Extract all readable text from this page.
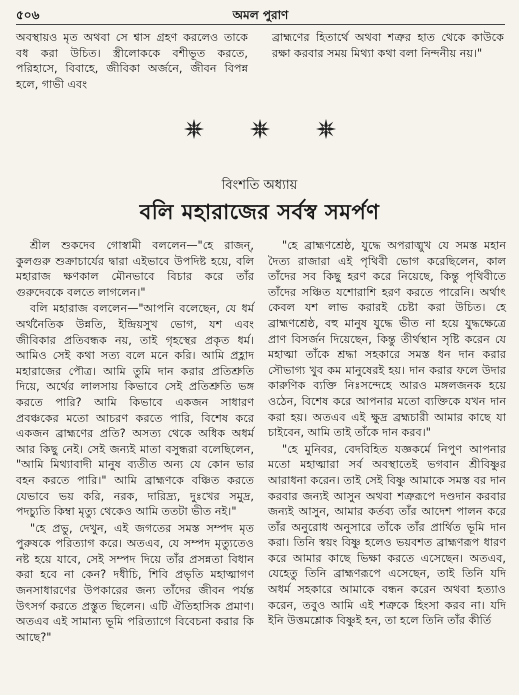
৫০৬	অমল পুরাণ

অবস্থায়ও মৃত অথবা সে শ্বাস গ্রহণ করলেও তাকে বধ করা উচিত। স্ত্রীলোককে বশীভূত করতে, পরিহাসে, বিবাহে, জীবিকা অর্জনে, জীবন বিপন্ন হলে, গাভী এবং

ব্রাহ্মণের হিতার্থে অথবা শত্রুর হাত থেকে কাউকে রক্ষা করবার সময় মিথ্যা কথা বলা নিন্দনীয় নয়।"

বিংশতি অধ্যায়
বলি মহারাজের সর্বস্ব সমর্পণ

শ্রীল শুকদেব গোস্বামী বললেন—"হে রাজন্, কুলগুরু শুক্রাচার্যের দ্বারা এইভাবে উপদিষ্ট হয়ে, বলি মহারাজ ক্ষণকাল মৌনভাবে বিচার করে তাঁর গুরুদেবকে বলতে লাগলেন।"

বলি মহারাজ বললেন—"আপনি বলেছেন, যে ধর্ম অর্থনৈতিক উন্নতি, ইন্দ্রিয়সুখ ভোগ, যশ এবং জীবিকার প্রতিবন্ধক নয়, তাই গৃহস্থের প্রকৃত ধর্ম। আমিও সেই কথা সত্য বলে মনে করি। আমি প্রহ্লাদ মহারাজের পৌত্র। আমি তুমি দান করার প্রতিশ্রুতি দিয়ে, অর্থের লালসায় কিভাবে সেই প্রতিশ্রুতি ভঙ্গ করতে পারি? আমি কিভাবে একজন সাধারণ প্রবঞ্চকের মতো আচরণ করতে পারি, বিশেষ করে একজন ব্রাহ্মণের প্রতি? অসত্য থেকে অধিক অধর্ম আর কিছু নেই। সেই জন্যই মাতা বসুন্ধরা বলেছিলেন, "আমি মিথ্যাবাদী মানুষ ব্যতীত অন্য যে কোন ভার বহন করতে পারি।" আমি ব্রাহ্মণকে বঞ্চিত করতে যেভাবে ভয় করি, নরক, দারিদ্র্য, দুঃখের সমুদ্র, পদচ্যুতি কিম্বা মৃত্যু থেকেও আমি ততটা ভীত নই।"

"হে প্রভু, দেখুন, এই জগতের সমস্ত সম্পদ মৃত পুরুষকে পরিত্যাগ করে। অতএব, যে সম্পদ মৃত্যুতেও নষ্ট হয়ে যাবে, সেই সম্পদ দিয়ে তাঁর প্রসন্নতা বিধান করা হবে না কেন? দধীচি, শিবি প্রভৃতি মহাত্মাগণ জনসাধারণের উপকারের জন্য তাঁদের জীবন পর্যন্ত উৎসর্গ করতে প্রস্তুত ছিলেন। এটি ঐতিহাসিক প্রমাণ। অতএব এই সামান্য ভূমি পরিত্যাগে বিবেচনা করার কি আছে?"

"হে ব্রাহ্মণশ্রেষ্ঠ, যুদ্ধে অপরাঙ্মুখ যে সমস্ত মহান দৈত্য রাজারা এই পৃথিবী ভোগ করেছিলেন, কাল তাঁদের সব কিছু হরণ করে নিয়েছে, কিন্তু পৃথিবীতে তাঁদের সঞ্চিত যশোরাশি হরণ করতে পারেনি। অর্থাৎ কেবল যশ লাভ করারই চেষ্টা করা উচিত। হে ব্রাহ্মণশ্রেষ্ঠ, বহু মানুষ যুদ্ধে ভীত না হয়ে যুদ্ধক্ষেত্রে প্রাণ বিসর্জন দিয়েছেন, কিন্তু তীর্থস্থান সৃষ্টি করেন যে মহাত্মা তাঁকে শ্রদ্ধা সহকারে সমস্ত ধন দান করার সৌভাগ্য খুব কম মানুষেরই হয়। দান করার ফলে উদার কারুণিক ব্যক্তি নিঃসন্দেহে আরও মঙ্গলজনক হয়ে ওঠেন, বিশেষ করে আপনার মতো ব্যক্তিকে যখন দান করা হয়। অতএব এই ক্ষুদ্র ব্রহ্মচারী আমার কাছে যা চাইবেন, আমি তাই তাঁকে দান করব।"

"হে মুনিবর, বেদবিহিত যজ্ঞকর্মে নিপুণ আপনার মতো মহাত্মারা সর্ব অবস্থাতেই ভগবান শ্রীবিষ্ণুর আরাধনা করেন। তাই সেই বিষ্ণু আমাকে সমস্ত বর দান করবার জন্যই আসুন অথবা শত্রুরূপে দণ্ডদান করবার জন্যই আসুন, আমার কর্তব্য তাঁর আদেশ পালন করে তাঁর অনুরোধ অনুসারে তাঁকে তাঁর প্রার্থিত ভূমি দান করা। তিনি স্বয়ং বিষ্ণু হলেও ভয়বশত ব্রাহ্মণরূপ ধারণ করে আমার কাছে ভিক্ষা করতে এসেছেন। অতএব, যেহেতু তিনি ব্রাহ্মণরূপে এসেছেন, তাই তিনি যদি অধর্ম সহকারে আমাকে বন্ধন করেন অথবা হত্যাও করেন, তবুও আমি এই শত্রুকে হিংসা করব না। যদি ইনি উত্তমশ্লোক বিষ্ণুই হন, তা হলে তিনি তাঁর কীর্তি
